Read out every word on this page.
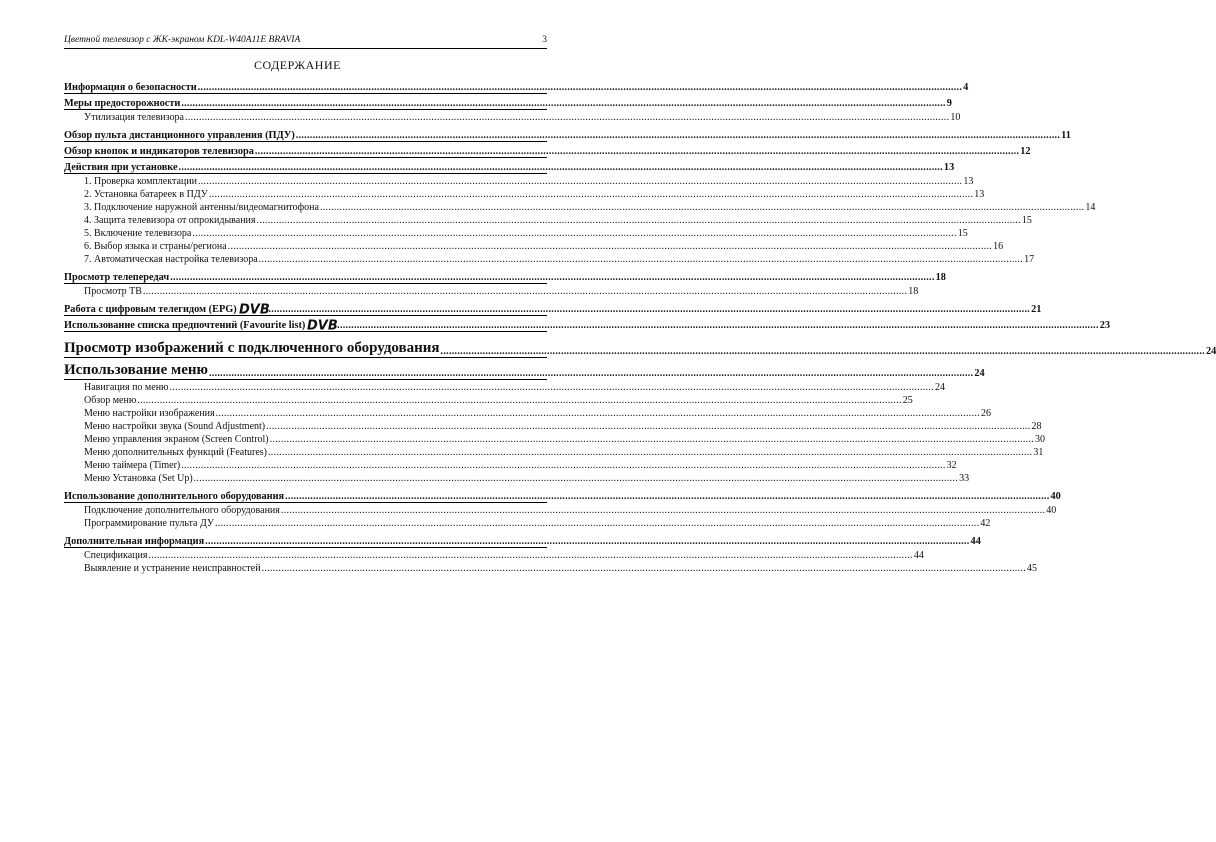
Цветной телевизор с ЖК-экраном KDL-W40A11E BRAVIA	3
СОДЕРЖАНИЕ
Информация о безопасности .....	4
Меры предосторожности .....	9
Утилизация телевизора .....	10
Обзор пульта дистанционного управления (ПДУ) .....	11
Обзор кнопок и индикаторов телевизора .....	12
Действия при установке .....	13
1. Проверка комплектации .....	13
2. Установка батареек в ПДУ .....	13
3. Подключение наружной антенны/видеомагнитофона .....	14
4. Защита телевизора от опрокидывания .....	15
5. Включение телевизора .....	15
6. Выбор языка и страны/региона .....	16
7. Автоматическая настройка телевизора .....	17
Просмотр телепередач .....	18
Просмотр ТВ .....	18
Работа с цифровым телегидом (EPG) DVB .....	21
Использование списка предпочтений (Favourite list) DVB .....	23
Просмотр изображений с подключенного оборудования .....	24
Использование меню .....	24
Навигация по меню .....	24
Обзор меню .....	25
Меню настройки изображения .....	26
Меню настройки звука (Sound Adjustment) .....	28
Меню управления экраном (Screen Control) .....	30
Меню дополнительных функций (Features) .....	31
Меню таймера (Timer) .....	32
Меню Установка (Set Up) .....	33
Использование дополнительного оборудования .....	40
Подключение дополнительного оборудования .....	40
Программирование пульта ДУ .....	42
Дополнительная информация .....	44
Спецификация .....	44
Выявление и устранение неисправностей .....	45
